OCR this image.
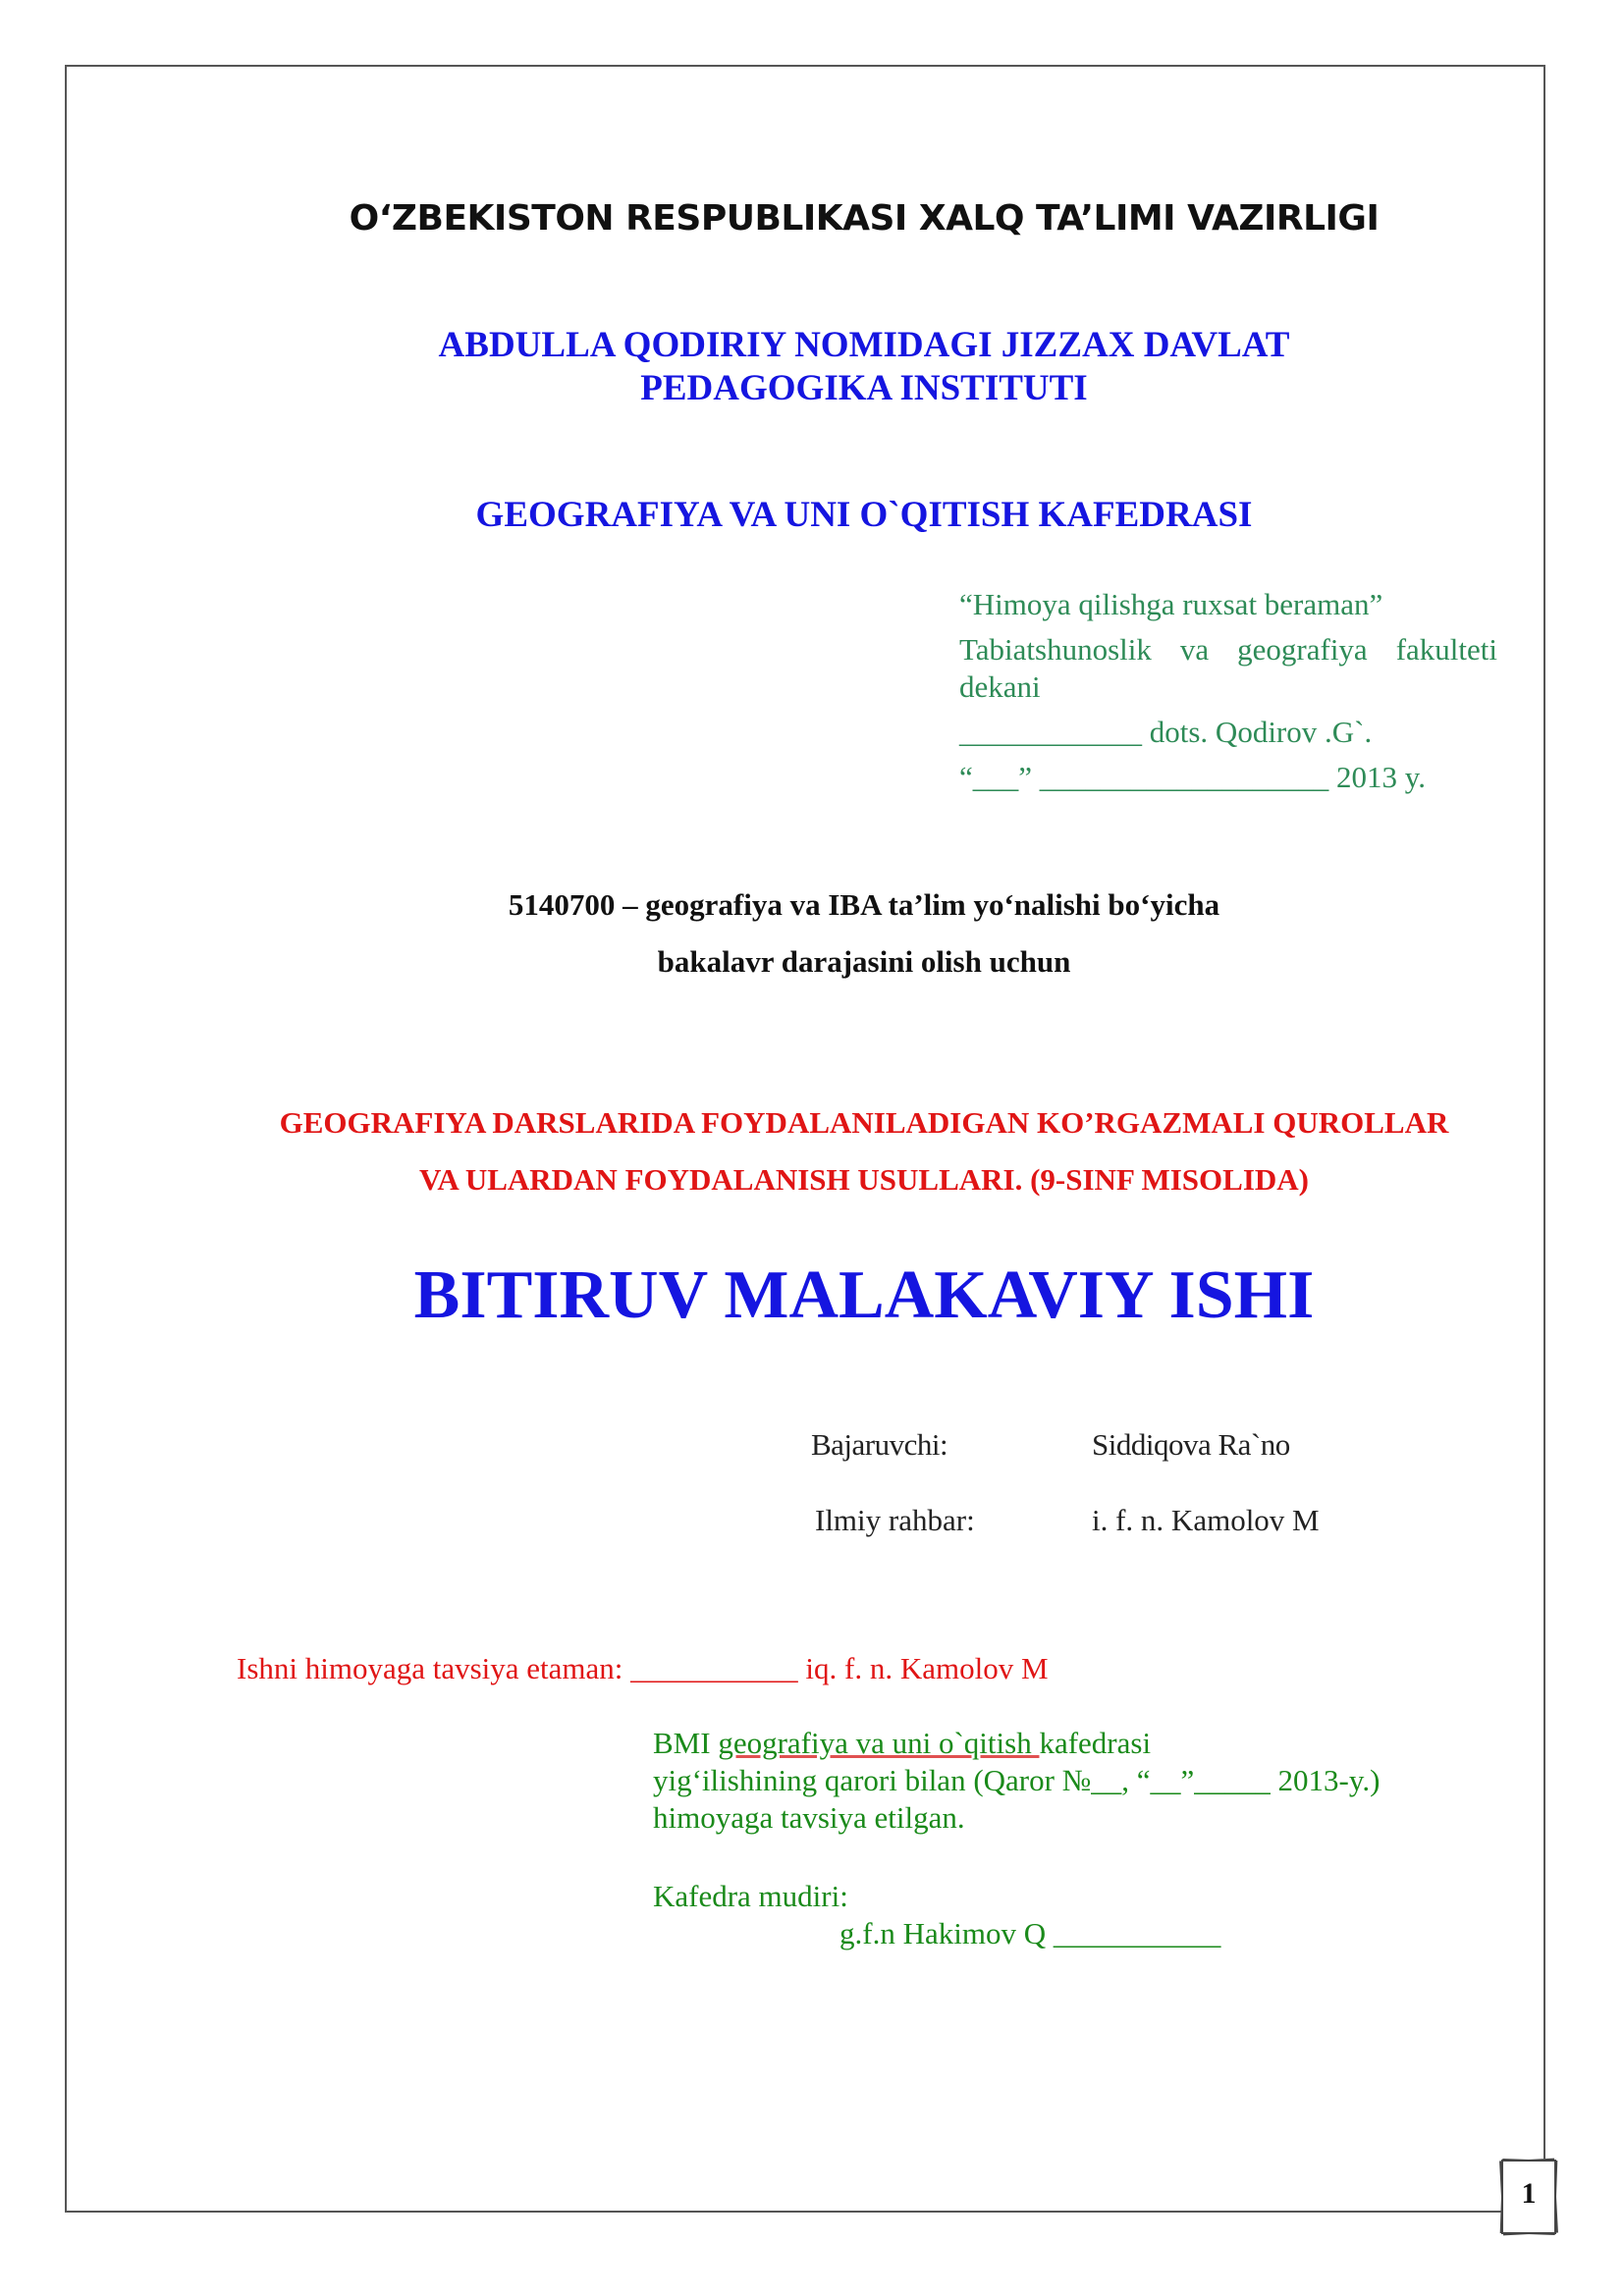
O‘ZBEKISTON RESPUBLIKASI XALQ TA’LIMI VAZIRLIGI
ABDULLA QODIRIY NOMIDAGI JIZZAX DAVLAT
PEDAGOGIKA INSTITUTI
GEOGRAFIYA VA UNI O`QITISH KAFEDRASI
“Himoya qilishga ruxsat beraman”
Tabiatshunoslik va geografiya fakulteti
dekani
____________ dots. Qodirov .G`.
“___” ___________________ 2013 y.
5140700 – geografiya va IBA ta’lim yo‘nalishi bo‘yicha
bakalavr darajasini olish uchun
GEOGRAFIYA DARSLARIDA FOYDALANILADIGAN KO’RGAZMALI QUROLLAR
VA ULARDAN FOYDALANISH USULLARI. (9-SINF MISOLIDA)
BITIRUV MALAKAVIY ISHI
Bajaruvchi:	Siddiqova Ra`no
Ilmiy rahbar:	i. f. n. Kamolov M
Ishni himoyaga tavsiya etaman: ___________ iq. f. n. Kamolov M
BMI geografiya va uni o`qitish kafedrasi
yig‘ilishining qarori bilan (Qaror №__, “__”_____ 2013-y.)
himoyaga tavsiya etilgan.
Kafedra mudiri:
g.f.n Hakimov Q ___________
1
